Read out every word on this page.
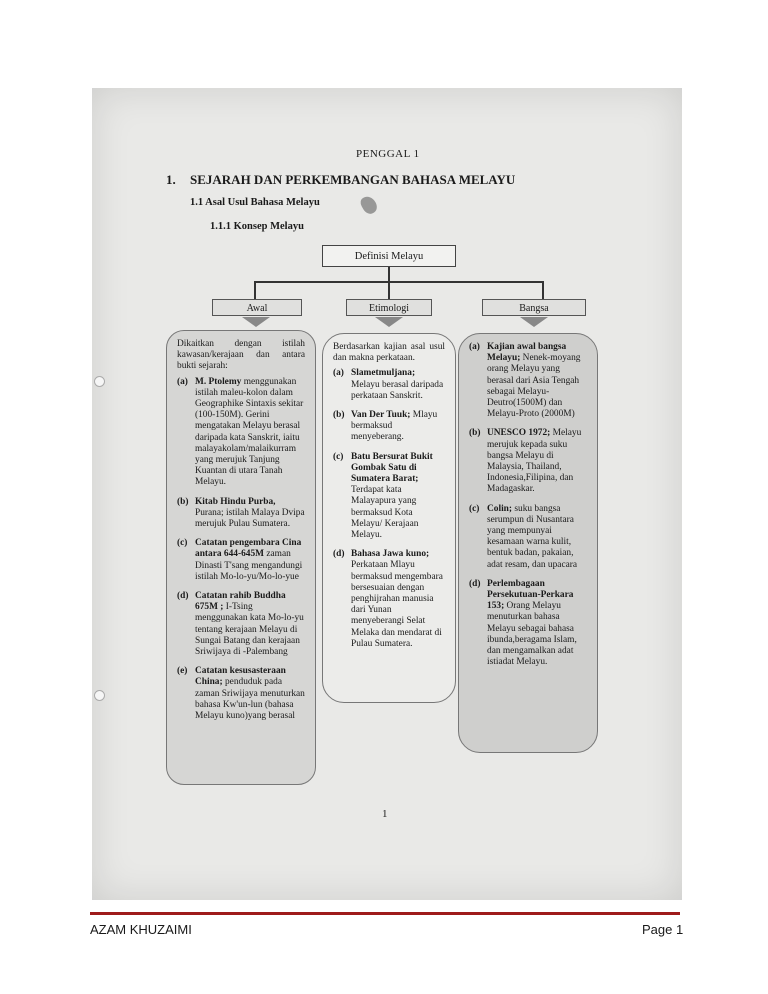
PENGGAL 1
1. SEJARAH DAN PERKEMBANGAN BAHASA MELAYU
1.1 Asal Usul Bahasa Melayu
1.1.1 Konsep Melayu
Definisi Melayu
Awal	Etimologi	Bangsa
Dikaitkan dengan istilah kawasan/kerajaan dan antara bukti sejarah:
(a) M. Ptolemy menggunakan istilah maleu-kolon dalam Geographike Sintaxis sekitar (100-150M). Gerini mengatakan Melayu berasal daripada kata Sanskrit, iaitu malayakolam/malaikurram yang merujuk Tanjung Kuantan di utara Tanah Melayu.
(b) Kitab Hindu Purba, Purana; istilah Malaya Dvipa merujuk Pulau Sumatera.
(c) Catatan pengembara Cina antara 644-645M zaman Dinasti T'sang mengandungi istilah Mo-lo-yu/Mo-lo-yue
(d) Catatan rahib Buddha 675M ; I-Tsing menggunakan kata Mo-lo-yu tentang kerajaan Melayu di Sungai Batang dan kerajaan Sriwijaya di -Palembang
(e) Catatan kesusasteraan China; penduduk pada zaman Sriwijaya menuturkan bahasa Kw'un-lun (bahasa Melayu kuno)yang berasal
Berdasarkan kajian asal usul dan makna perkataan.
(a) Slametmuljana; Melayu berasal daripada perkataan Sanskrit.
(b) Van Der Tuuk; Mlayu bermaksud menyeberang.
(c) Batu Bersurat Bukit Gombak Satu di Sumatera Barat; Terdapat kata Malayapura yang bermaksud Kota Melayu/ Kerajaan Melayu.
(d) Bahasa Jawa kuno; Perkataan Mlayu bermaksud mengembara bersesuaian dengan penghijrahan manusia dari Yunan menyeberangi Selat Melaka dan mendarat di Pulau Sumatera.
(a) Kajian awal bangsa Melayu; Nenek-moyang orang Melayu yang berasal dari Asia Tengah sebagai Melayu-Deutro(1500M) dan Melayu-Proto (2000M)
(b) UNESCO 1972; Melayu merujuk kepada suku bangsa Melayu di Malaysia, Thailand, Indonesia,Filipina, dan Madagaskar.
(c) Colin; suku bangsa serumpun di Nusantara yang mempunyai kesamaan warna kulit, bentuk badan, pakaian, adat resam, dan upacara
(d) Perlembagaan Persekutuan-Perkara 153; Orang Melayu menuturkan bahasa Melayu sebagai bahasa ibunda,beragama Islam, dan mengamalkan adat istiadat Melayu.
1
AZAM KHUZAIMI	Page 1
